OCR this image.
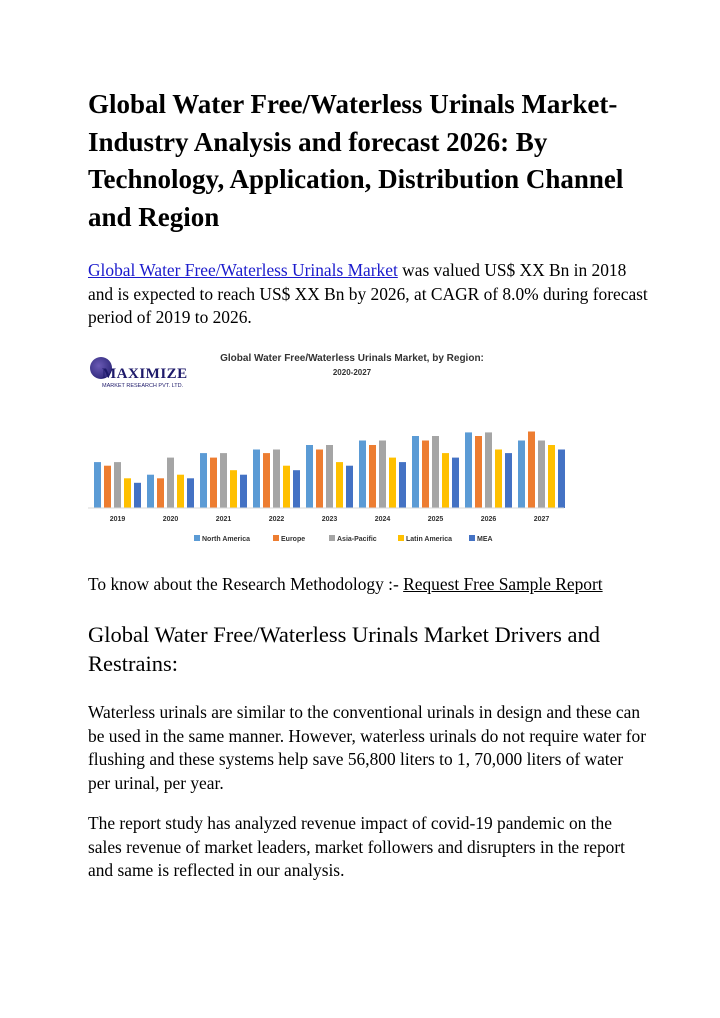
Global Water Free/Waterless Urinals Market- Industry Analysis and forecast 2026: By Technology, Application, Distribution Channel and Region

Global Water Free/Waterless Urinals Market was valued US$ XX Bn in 2018 and is expected to reach US$ XX Bn by 2026, at CAGR of 8.0% during forecast period of 2019 to 2026.

MAXIMIZE
MARKET RESEARCH PVT. LTD.
Global Water Free/Waterless Urinals Market, by Region:
2020-2027
2019	2020	2021	2022	2023	2024	2025	2026	2027
North America	Europe	Asia-Pacific	Latin America	MEA

To know about the Research Methodology :- Request Free Sample Report

Global Water Free/Waterless Urinals Market Drivers and Restrains:

Waterless urinals are similar to the conventional urinals in design and these can be used in the same manner. However, waterless urinals do not require water for flushing and these systems help save 56,800 liters to 1, 70,000 liters of water per urinal, per year.

The report study has analyzed revenue impact of covid-19 pandemic on the sales revenue of market leaders, market followers and disrupters in the report and same is reflected in our analysis.
